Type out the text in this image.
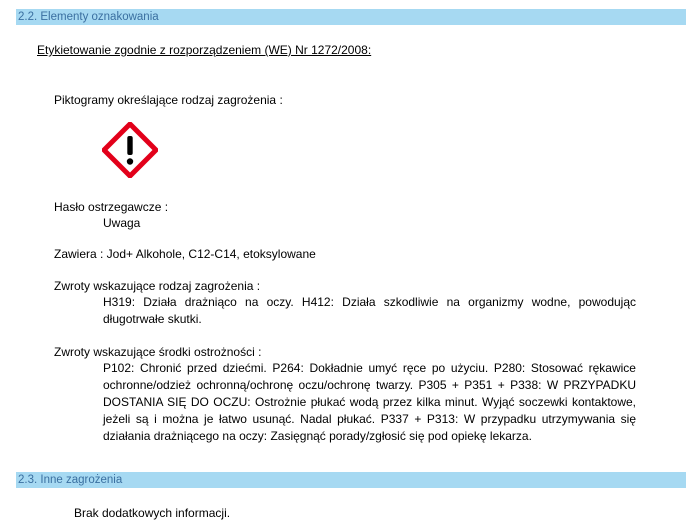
2.2. Elementy oznakowania
Etykietowanie zgodnie z rozporządzeniem (WE) Nr 1272/2008:
Piktogramy określające rodzaj zagrożenia :
Hasło ostrzegawcze :
Uwaga
Zawiera : Jod+ Alkohole, C12-C14, etoksylowane
Zwroty wskazujące rodzaj zagrożenia :
H319: Działa drażniąco na oczy. H412: Działa szkodliwie na organizmy wodne, powodując długotrwałe skutki.
Zwroty wskazujące środki ostrożności :
P102: Chronić przed dziećmi. P264: Dokładnie umyć ręce po użyciu. P280: Stosować rękawice ochronne/odzież ochronną/ochronę oczu/ochronę twarzy. P305 + P351 + P338: W PRZYPADKU DOSTANIA SIĘ DO OCZU: Ostrożnie płukać wodą przez kilka minut. Wyjąć soczewki kontaktowe, jeżeli są i można je łatwo usunąć. Nadal płukać. P337 + P313: W przypadku utrzymywania się działania drażniącego na oczy: Zasięgnąć porady/zgłosić się pod opiekę lekarza.
2.3. Inne zagrożenia
Brak dodatkowych informacji.
